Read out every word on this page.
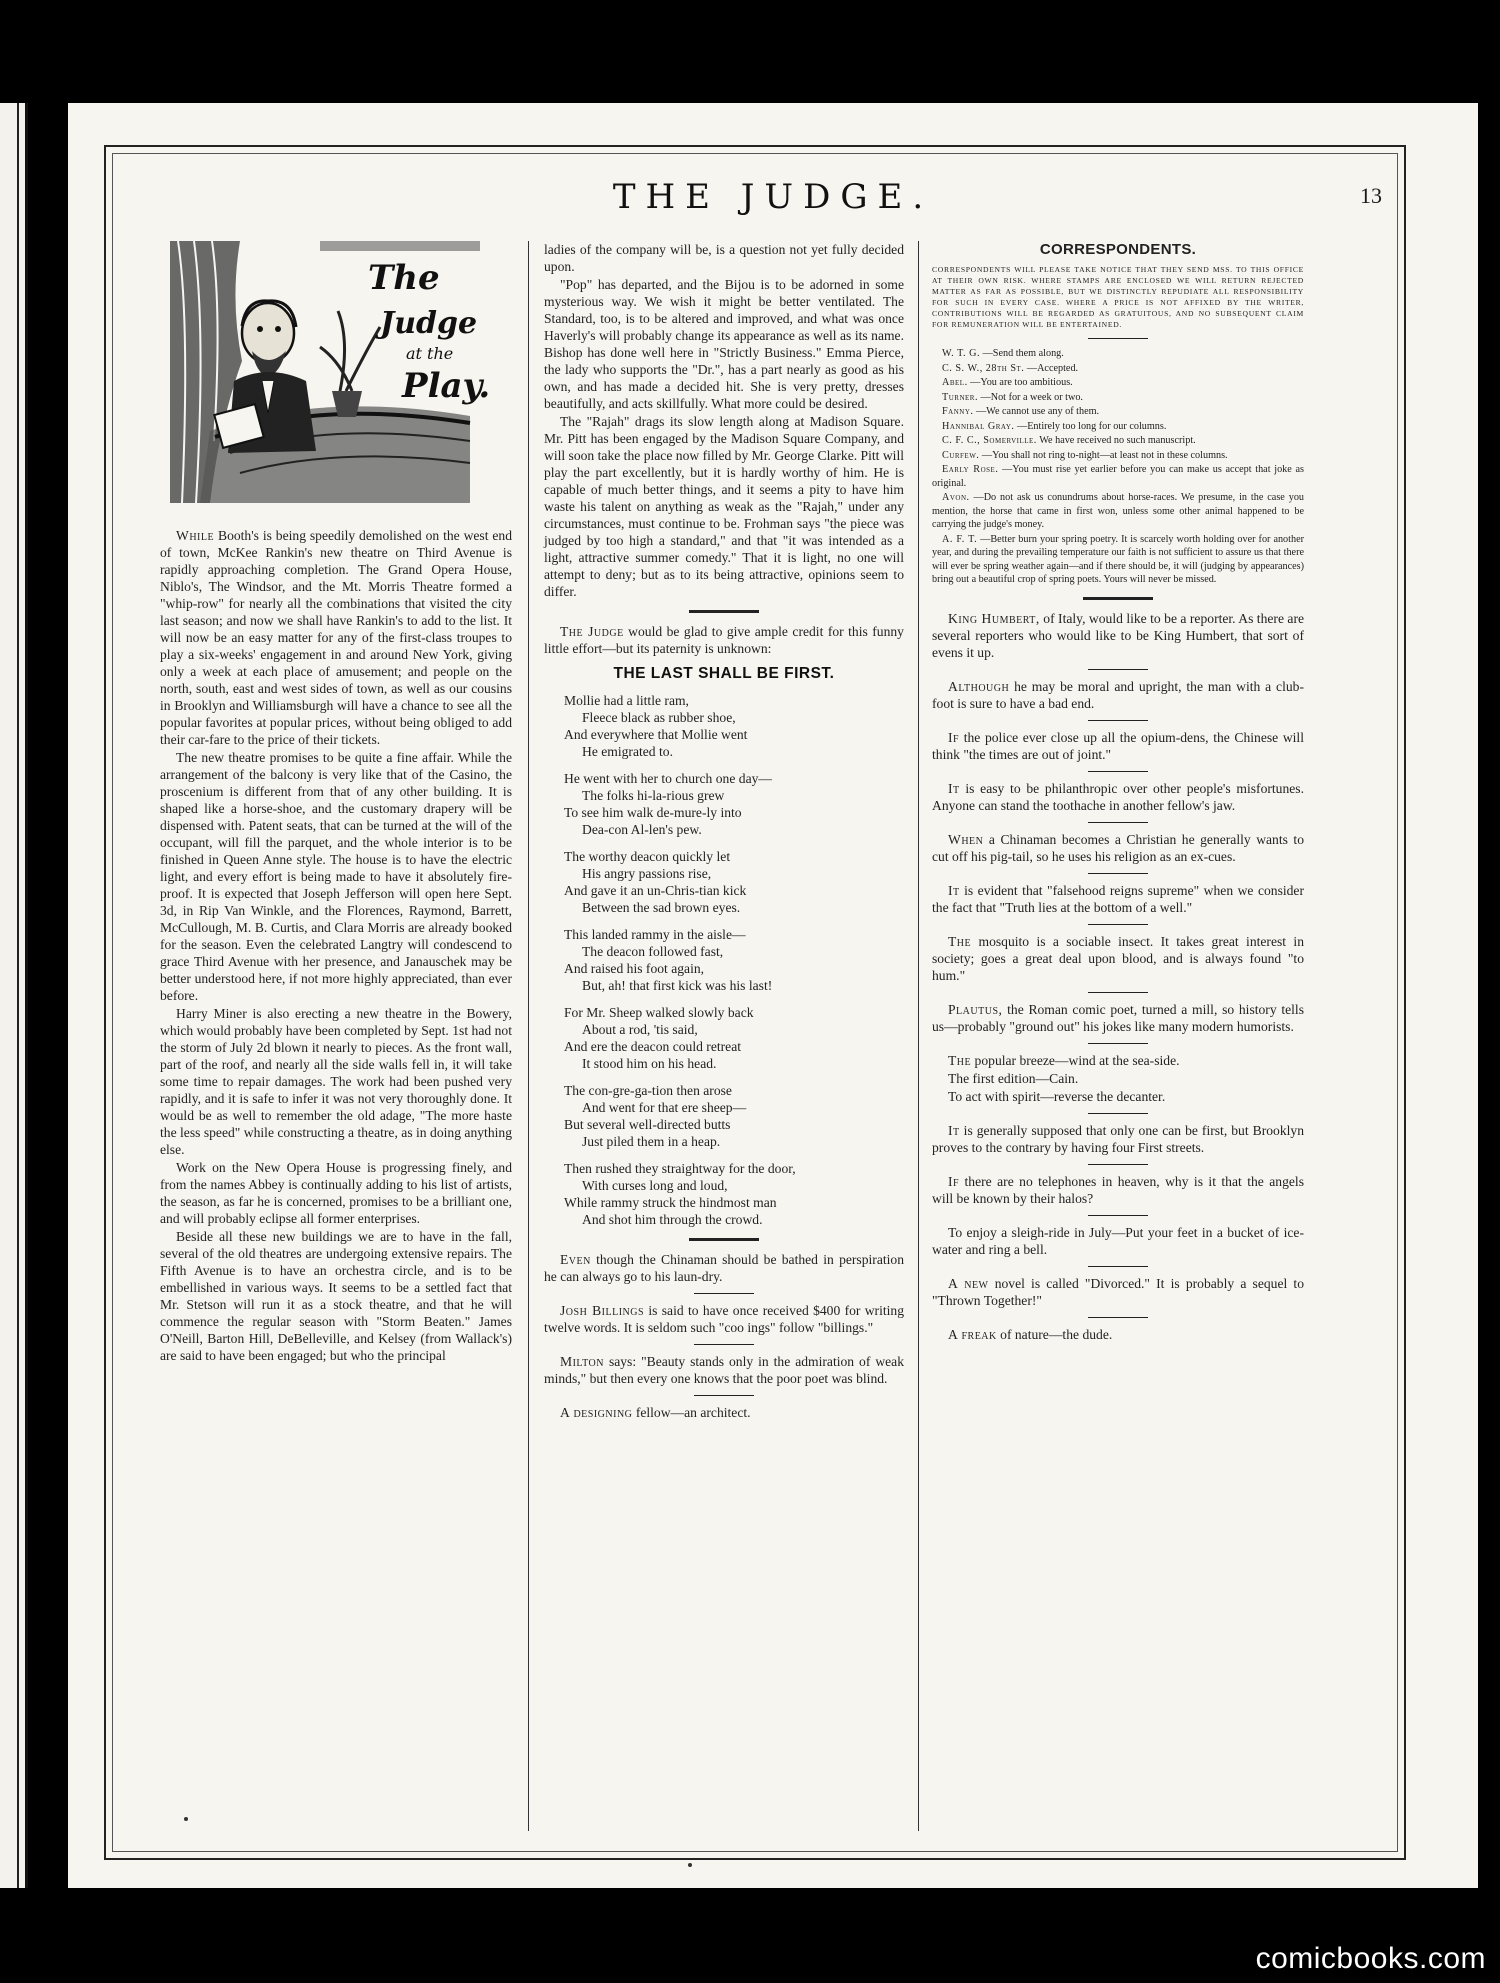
THE JUDGE.	13
The
Judge
at the
Play.

While Booth's is being speedily demolished on the west end of town, McKee Rankin's new theatre on Third Avenue is rapidly approaching completion. The Grand Opera House, Niblo's, The Windsor, and the Mt. Morris Theatre formed a "whip-row" for nearly all the combinations that visited the city last season; and now we shall have Rankin's to add to the list. It will now be an easy matter for any of the first-class troupes to play a six-weeks' engagement in and around New York, giving only a week at each place of amusement; and people on the north, south, east and west sides of town, as well as our cousins in Brooklyn and Williamsburgh will have a chance to see all the popular favorites at popular prices, without being obliged to add their car-fare to the price of their tickets.

The new theatre promises to be quite a fine affair. While the arrangement of the balcony is very like that of the Casino, the proscenium is different from that of any other building. It is shaped like a horse-shoe, and the customary drapery will be dispensed with. Patent seats, that can be turned at the will of the occupant, will fill the parquet, and the whole interior is to be finished in Queen Anne style. The house is to have the electric light, and every effort is being made to have it absolutely fire-proof. It is expected that Joseph Jefferson will open here Sept. 3d, in Rip Van Winkle, and the Florences, Raymond, Barrett, McCullough, M. B. Curtis, and Clara Morris are already booked for the season. Even the celebrated Langtry will condescend to grace Third Avenue with her presence, and Janauschek may be better understood here, if not more highly appreciated, than ever before.

Harry Miner is also erecting a new theatre in the Bowery, which would probably have been completed by Sept. 1st had not the storm of July 2d blown it nearly to pieces. As the front wall, part of the roof, and nearly all the side walls fell in, it will take some time to repair damages. The work had been pushed very rapidly, and it is safe to infer it was not very thoroughly done. It would be as well to remember the old adage, "The more haste the less speed" while constructing a theatre, as in doing anything else.

Work on the New Opera House is progressing finely, and from the names Abbey is continually adding to his list of artists, the season, as far he is concerned, promises to be a brilliant one, and will probably eclipse all former enterprises.

Beside all these new buildings we are to have in the fall, several of the old theatres are undergoing extensive repairs. The Fifth Avenue is to have an orchestra circle, and is to be embellished in various ways. It seems to be a settled fact that Mr. Stetson will run it as a stock theatre, and that he will commence the regular season with "Storm Beaten." James O'Neill, Barton Hill, DeBelleville, and Kelsey (from Wallack's) are said to have been engaged; but who the principal

ladies of the company will be, is a question not yet fully decided upon.

"Pop" has departed, and the Bijou is to be adorned in some mysterious way. We wish it might be better ventilated. The Standard, too, is to be altered and improved, and what was once Haverly's will probably change its appearance as well as its name. Bishop has done well here in "Strictly Business." Emma Pierce, the lady who supports the "Dr.", has a part nearly as good as his own, and has made a decided hit. She is very pretty, dresses beautifully, and acts skillfully. What more could be desired.

The "Rajah" drags its slow length along at Madison Square. Mr. Pitt has been engaged by the Madison Square Company, and will soon take the place now filled by Mr. George Clarke. Pitt will play the part excellently, but it is hardly worthy of him. He is capable of much better things, and it seems a pity to have him waste his talent on anything as weak as the "Rajah," under any circumstances, must continue to be. Frohman says "the piece was judged by too high a standard," and that "it was intended as a light, attractive summer comedy." That it is light, no one will attempt to deny; but as to its being attractive, opinions seem to differ.

The Judge would be glad to give ample credit for this funny little effort—but its paternity is unknown:

THE LAST SHALL BE FIRST.
Mollie had a little ram,
Fleece black as rubber shoe,
And everywhere that Mollie went
He emigrated to.
He went with her to church one day—
The folks hi-la-rious grew
To see him walk de-mure-ly into
Dea-con Al-len's pew.
The worthy deacon quickly let
His angry passions rise,
And gave it an un-Chris-tian kick
Between the sad brown eyes.
This landed rammy in the aisle—
The deacon followed fast,
And raised his foot again,
But, ah! that first kick was his last!
For Mr. Sheep walked slowly back
About a rod, 'tis said,
And ere the deacon could retreat
It stood him on his head.
The con-gre-ga-tion then arose
And went for that ere sheep—
But several well-directed butts
Just piled them in a heap.
Then rushed they straightway for the door,
With curses long and loud,
While rammy struck the hindmost man
And shot him through the crowd.

Even though the Chinaman should be bathed in perspiration he can always go to his laun-dry.

Josh Billings is said to have once received $400 for writing twelve words. It is seldom such "coo ings" follow "billings."

Milton says: "Beauty stands only in the admiration of weak minds," but then every one knows that the poor poet was blind.

A designing fellow—an architect.

CORRESPONDENTS.
CORRESPONDENTS WILL PLEASE TAKE NOTICE THAT THEY SEND MSS. TO THIS OFFICE AT THEIR OWN RISK. WHERE STAMPS ARE ENCLOSED WE WILL RETURN REJECTED MATTER AS FAR AS POSSIBLE, BUT WE DISTINCTLY REPUDIATE ALL RESPONSIBILITY FOR SUCH IN EVERY CASE. WHERE A PRICE IS NOT AFFIXED BY THE WRITER, CONTRIBUTIONS WILL BE REGARDED AS GRATUITOUS, AND NO SUBSEQUENT CLAIM FOR REMUNERATION WILL BE ENTERTAINED.

W. T. G. —Send them along.

C. S. W., 28th St. —Accepted.

Abel. —You are too ambitious.

Turner. —Not for a week or two.

Fanny. —We cannot use any of them.

Hannibal Gray. —Entirely too long for our columns.

C. F. C., Somerville. We have received no such manuscript.

Curfew. —You shall not ring to-night—at least not in these columns.

Early Rose. —You must rise yet earlier before you can make us accept that joke as original.

Avon. —Do not ask us conundrums about horse-races. We presume, in the case you mention, the horse that came in first won, unless some other animal happened to be carrying the judge's money.

A. F. T. —Better burn your spring poetry. It is scarcely worth holding over for another year, and during the prevailing temperature our faith is not sufficient to assure us that there will ever be spring weather again—and if there should be, it will (judging by appearances) bring out a beautiful crop of spring poets. Yours will never be missed.

King Humbert, of Italy, would like to be a reporter. As there are several reporters who would like to be King Humbert, that sort of evens it up.

Although he may be moral and upright, the man with a club-foot is sure to have a bad end.

If the police ever close up all the opium-dens, the Chinese will think "the times are out of joint."

It is easy to be philanthropic over other people's misfortunes. Anyone can stand the toothache in another fellow's jaw.

When a Chinaman becomes a Christian he generally wants to cut off his pig-tail, so he uses his religion as an ex-cues.

It is evident that "falsehood reigns supreme" when we consider the fact that "Truth lies at the bottom of a well."

The mosquito is a sociable insect. It takes great interest in society; goes a great deal upon blood, and is always found "to hum."

Plautus, the Roman comic poet, turned a mill, so history tells us—probably "ground out" his jokes like many modern humorists.

The popular breeze—wind at the sea-side.

The first edition—Cain.

To act with spirit—reverse the decanter.

It is generally supposed that only one can be first, but Brooklyn proves to the contrary by having four First streets.

If there are no telephones in heaven, why is it that the angels will be known by their halos?

To enjoy a sleigh-ride in July—Put your feet in a bucket of ice-water and ring a bell.

A new novel is called "Divorced." It is probably a sequel to "Thrown Together!"

A freak of nature—the dude.

comicbooks.com
